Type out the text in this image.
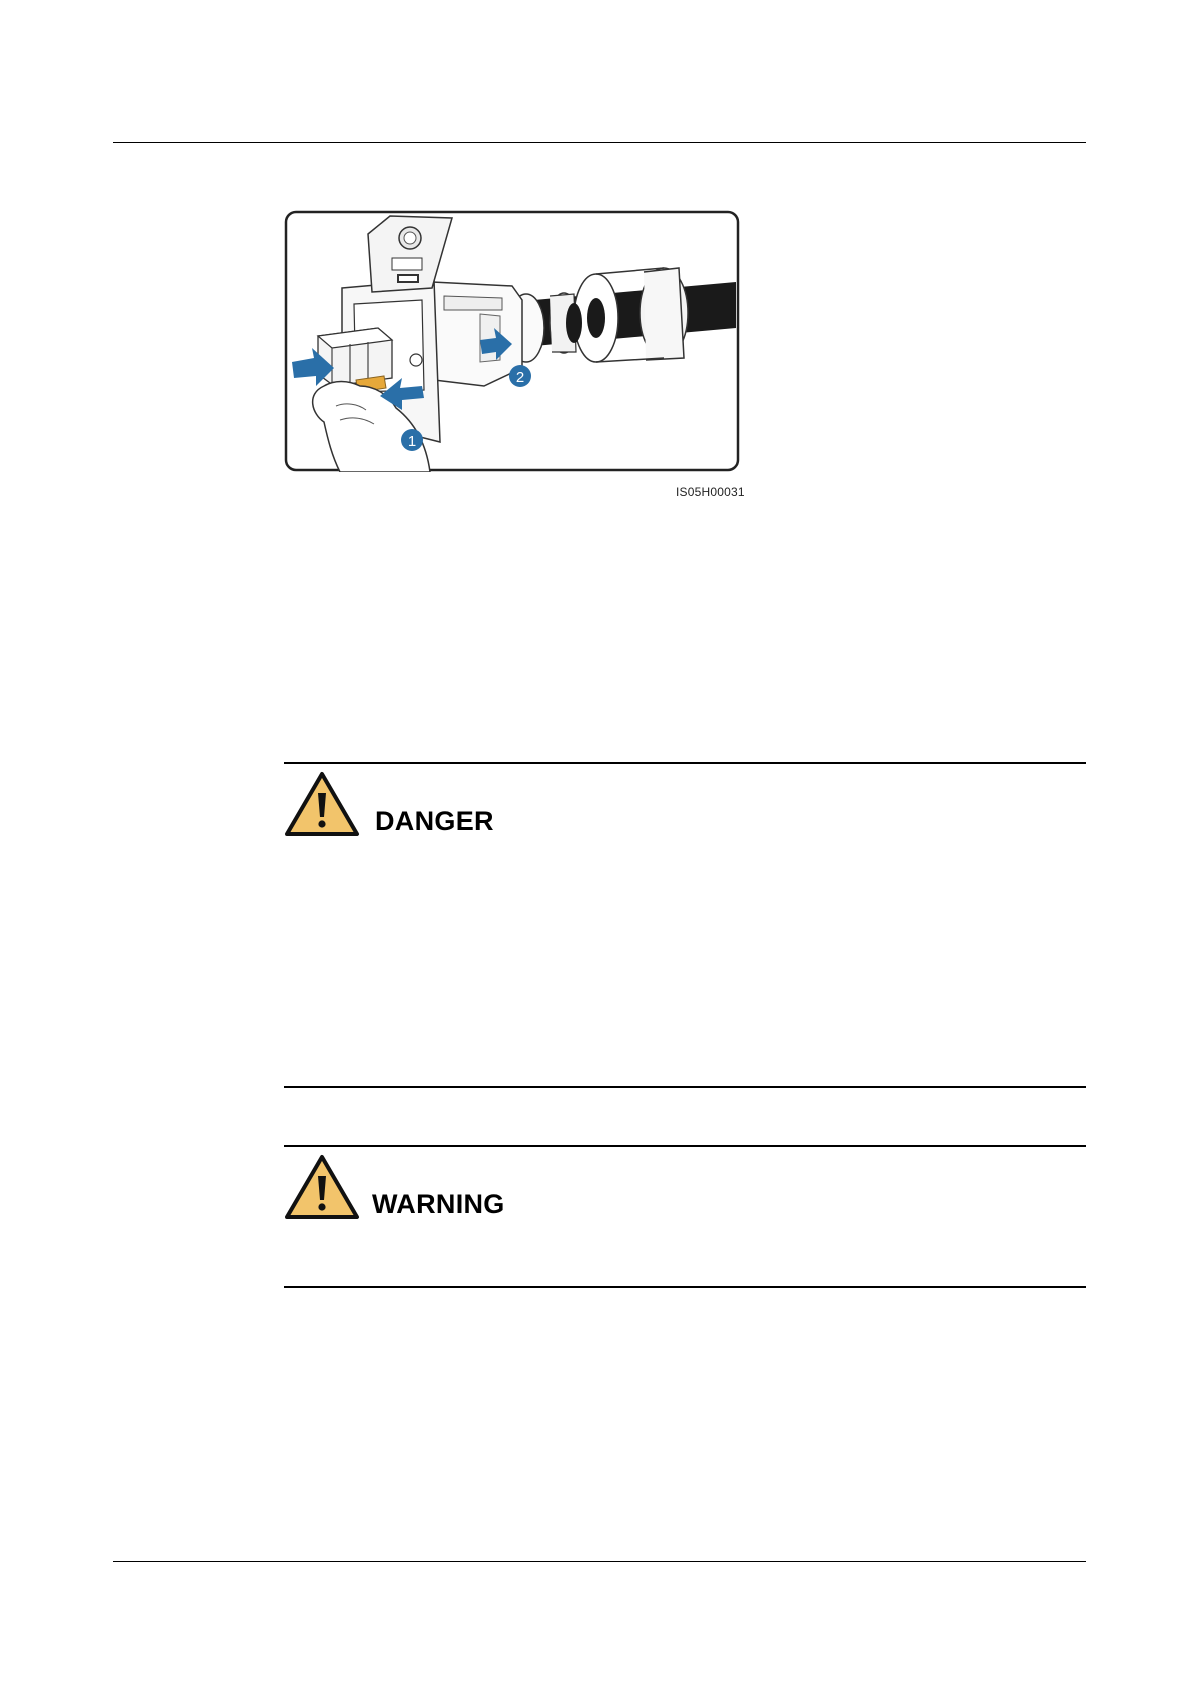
1
2
IS05H00031
DANGER
WARNING
